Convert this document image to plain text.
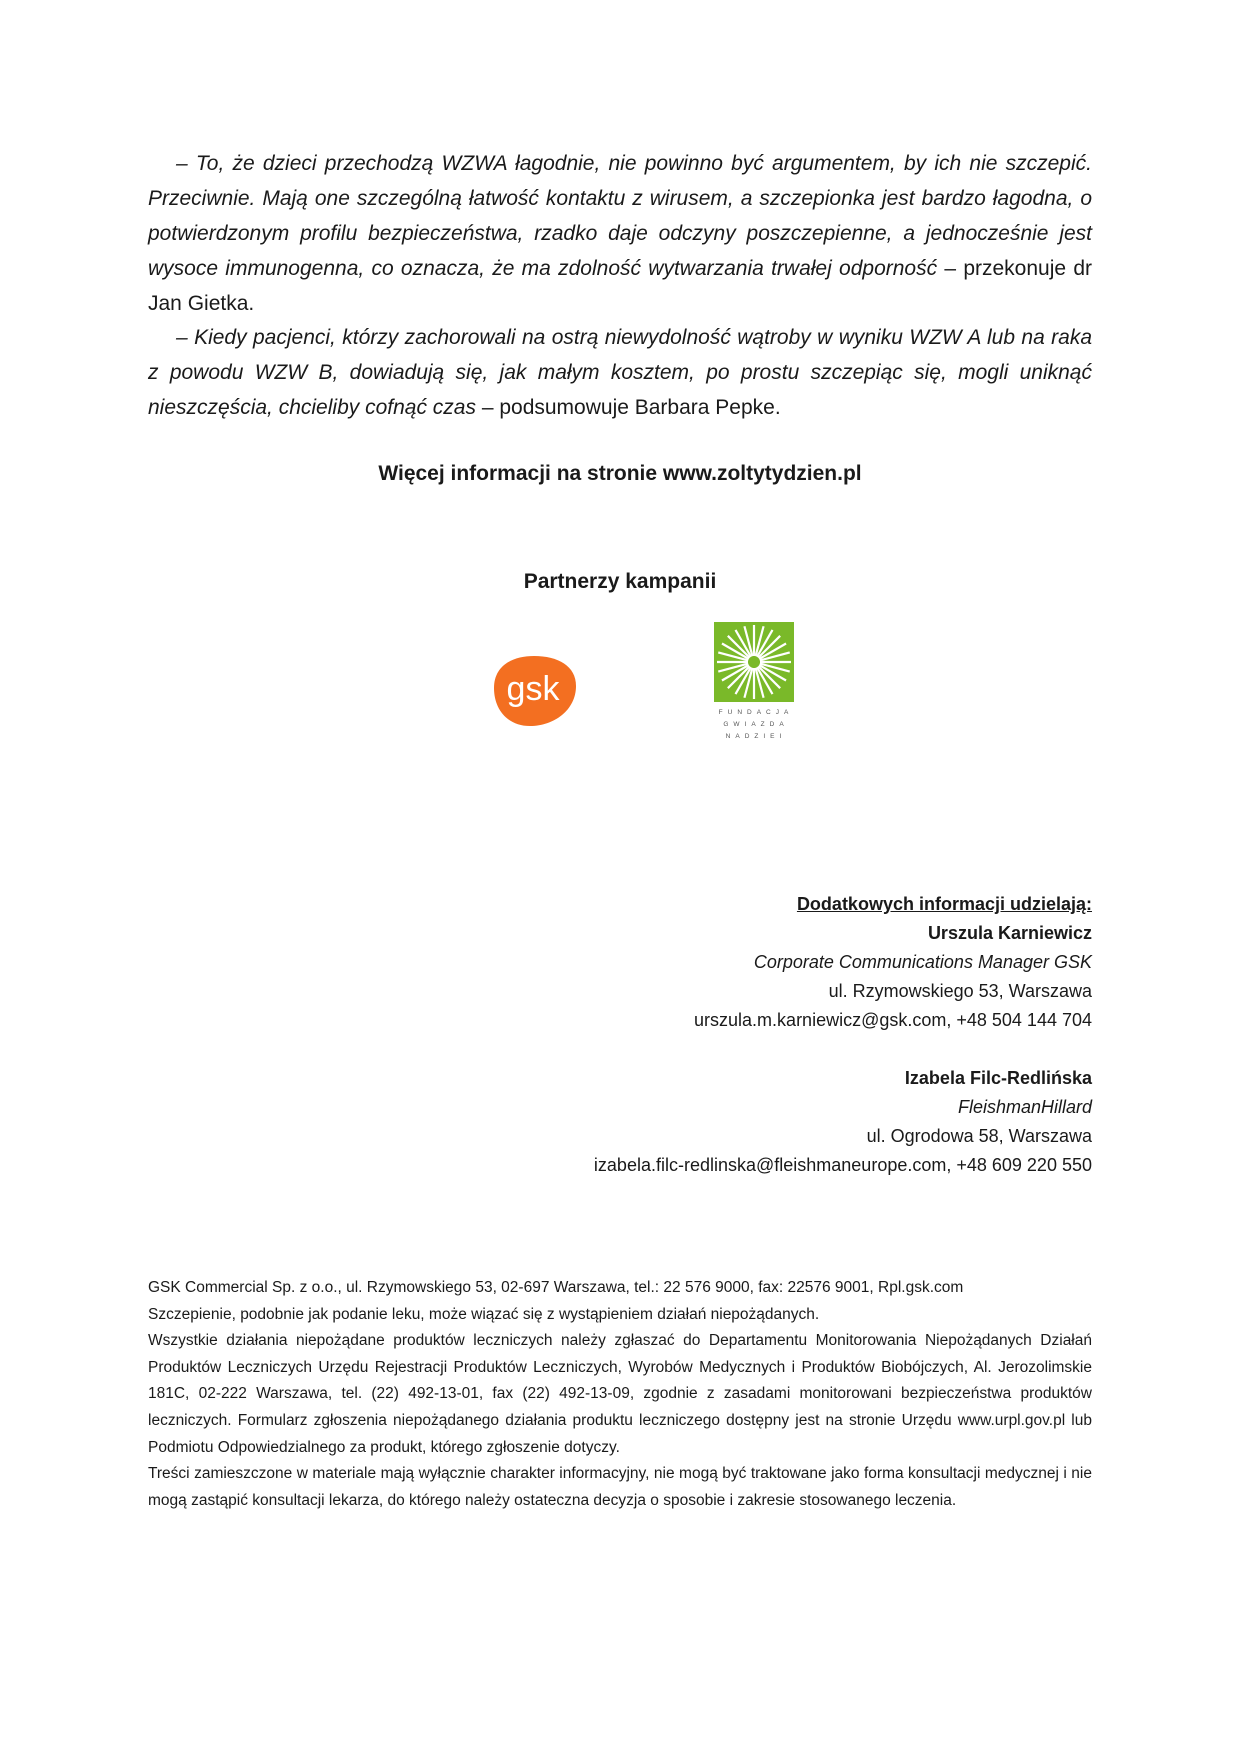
‒ To, że dzieci przechodzą WZWA łagodnie, nie powinno być argumentem, by ich nie szczepić. Przeciwnie. Mają one szczególną łatwość kontaktu z wirusem, a szczepionka jest bardzo łagodna, o potwierdzonym profilu bezpieczeństwa, rzadko daje odczyny poszczepienne, a jednocześnie jest wysoce immunogenna, co oznacza, że ma zdolność wytwarzania trwałej odporność – przekonuje dr Jan Gietka.

‒ Kiedy pacjenci, którzy zachorowali na ostrą niewydolność wątroby w wyniku WZW A lub na raka z powodu WZW B, dowiadują się, jak małym kosztem, po prostu szczepiąc się, mogli uniknąć nieszczęścia, chcieliby cofnąć czas – podsumowuje Barbara Pepke.

Więcej informacji na stronie www.zoltytydzien.pl

Partnerzy kampanii

gsk
FUNDACJA
GWIAZDA
NADZIEI
Dodatkowych informacji udzielają:
Urszula Karniewicz
Corporate Communications Manager GSK
ul. Rzymowskiego 53, Warszawa
urszula.m.karniewicz@gsk.com, +48 504 144 704
Izabela Filc-Redlińska
FleishmanHillard
ul. Ogrodowa 58, Warszawa
izabela.filc-redlinska@fleishmaneurope.com, +48 609 220 550

GSK Commercial Sp. z o.o., ul. Rzymowskiego 53, 02-697 Warszawa, tel.: 22 576 9000, fax: 22576 9001, Rpl.gsk.com

Szczepienie, podobnie jak podanie leku, może wiązać się z wystąpieniem działań niepożądanych.

Wszystkie działania niepożądane produktów leczniczych należy zgłaszać do Departamentu Monitorowania Niepożądanych Działań Produktów Leczniczych Urzędu Rejestracji Produktów Leczniczych, Wyrobów Medycznych i Produktów Biobójczych, Al. Jerozolimskie 181C, 02-222 Warszawa, tel. (22) 492-13-01, fax (22) 492-13-09, zgodnie z zasadami monitorowani bezpieczeństwa produktów leczniczych. Formularz zgłoszenia niepożądanego działania produktu leczniczego dostępny jest na stronie Urzędu www.urpl.gov.pl lub Podmiotu Odpowiedzialnego za produkt, którego zgłoszenie dotyczy.

Treści zamieszczone w materiale mają wyłącznie charakter informacyjny, nie mogą być traktowane jako forma konsultacji medycznej i nie mogą zastąpić konsultacji lekarza, do którego należy ostateczna decyzja o sposobie i zakresie stosowanego leczenia.
